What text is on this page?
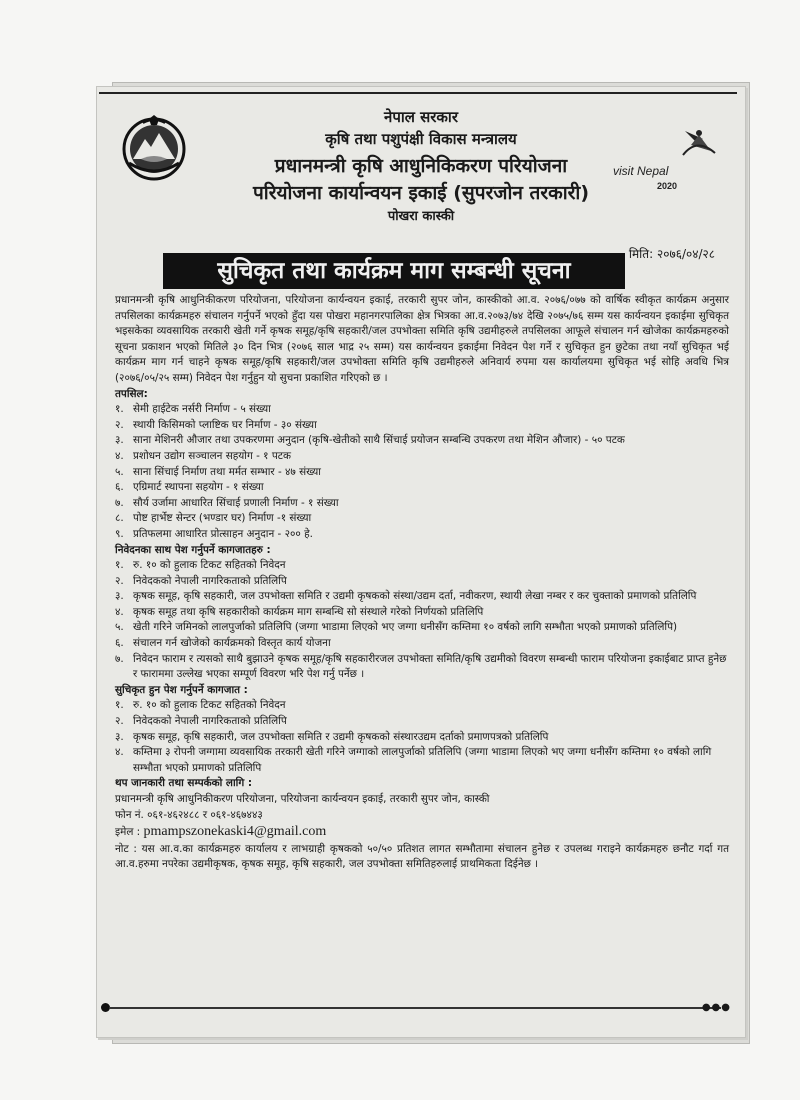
नेपाल सरकार
कृषि तथा पशुपंक्षी विकास मन्त्रालय
प्रधानमन्त्री कृषि आधुनिकिकरण परियोजना
परियोजना कार्यान्वयन इकाई (सुपरजोन तरकारी)
पोखरा कास्की
visit Nepal
2020
मिति: २०७६/०४/२८
सुचिकृत तथा कार्यक्रम माग सम्बन्धी सूचना

प्रधानमन्त्री कृषि आधुनिकीकरण परियोजना, परियोजना कार्यन्वयन इकाई, तरकारी सुपर जोन, कास्कीको आ.व. २०७६/०७७ को वार्षिक स्वीकृत कार्यक्रम अनुसार तपसिलका कार्यक्रमहरु संचालन गर्नुपर्ने भएको हुँदा यस पोखरा महानगरपालिका क्षेत्र भित्रका आ.व.२०७३/७४ देखि २०७५/७६ सम्म यस कार्यन्वयन इकाईमा सुचिकृत भइसकेका व्यवसायिक तरकारी खेती गर्ने कृषक समूह/कृषि सहकारी/जल उपभोक्ता समिति कृषि उद्यमीहरुले तपसिलका आफूले संचालन गर्न खोजेका कार्यक्रमहरुको सूचना प्रकाशन भएको मितिले ३० दिन भित्र (२०७६ साल भाद्र २५ सम्म) यस कार्यन्वयन इकाईमा निवेदन पेश गर्ने र सुचिकृत हुन छुटेका तथा नयाँ सुचिकृत भई कार्यक्रम माग गर्न चाहने कृषक समूह/कृषि सहकारी/जल उपभोक्ता समिति कृषि उद्यमीहरुले अनिवार्य रुपमा यस कार्यालयमा सुचिकृत भई सोहि अवधि भित्र (२०७६/०५/२५ सम्म) निवेदन पेश गर्नुहुन यो सुचना प्रकाशित गरिएको छ ।

तपसिल:

१. सेमी हाईटेक नर्सरी निर्माण - ५ संख्या
२. स्थायी किसिमको प्लाष्टिक घर निर्माण - ३० संख्या
३. साना मेशिनरी औजार तथा उपकरणमा अनुदान (कृषि-खेतीको साथै सिंचाई प्रयोजन सम्बन्धि उपकरण तथा मेशिन औजार) - ५० पटक
४. प्रशोधन उद्योग सञ्चालन सहयोग - १ पटक
५. साना सिंचाई निर्माण तथा मर्मत सम्भार - ४७ संख्या
६. एग्रिमार्ट स्थापना सहयोग - १ संख्या
७. सौर्य उर्जामा आधारित सिंचाई प्रणाली निर्माण - १ संख्या
८. पोष्ट हार्भेष्ट सेन्टर (भण्डार घर) निर्माण -१ संख्या
९. प्रतिफलमा आधारित प्रोत्साहन अनुदान - २०० हे.

निवेदनका साथ पेश गर्नुपर्ने कागजातहरु :

१. रु. १० को हुलाक टिकट सहितको निवेदन
२. निवेदकको नेपाली नागरिकताको प्रतिलिपि
३. कृषक समूह, कृषि सहकारी, जल उपभोक्ता समिति र उद्यमी कृषकको संस्था/उद्यम दर्ता, नवीकरण, स्थायी लेखा नम्बर र कर चुक्ताको प्रमाणको प्रतिलिपि
४. कृषक समूह तथा कृषि सहकारीको कार्यक्रम माग सम्बन्धि सो संस्थाले गरेको निर्णयको प्रतिलिपि
५. खेती गरिने जमिनको लालपुर्जाको प्रतिलिपि (जग्गा भाडामा लिएको भए जग्गा धनीसँग कम्तिमा १० वर्षको लागि सम्भौता भएको प्रमाणको प्रतिलिपि)
६. संचालन गर्न खोजेको कार्यक्रमको विस्तृत कार्य योजना
७. निवेदन फाराम र त्यसको साथै बुझाउने कृषक समूह/कृषि सहकारीरजल उपभोक्ता समिति/कृषि उद्यमीको विवरण सम्बन्धी फाराम परियोजना इकाईबाट प्राप्त हुनेछ र फाराममा उल्लेख भएका सम्पूर्ण विवरण भरि पेश गर्नु पर्नेछ ।

सुचिकृत हुन पेश गर्नुपर्ने कागजात :

१. रु. १० को हुलाक टिकट सहितको निवेदन
२. निवेदकको नेपाली नागरिकताको प्रतिलिपि
३. कृषक समूह, कृषि सहकारी, जल उपभोक्ता समिति र उद्यमी कृषकको संस्थारउद्यम दर्ताको प्रमाणपत्रको प्रतिलिपि
४. कम्तिमा ३ रोपनी जग्गामा व्यवसायिक तरकारी खेती गरिने जग्गाको लालपुर्जाको प्रतिलिपि (जग्गा भाडामा लिएको भए जग्गा धनीसँग कम्तिमा १० वर्षको लागि सम्भौता भएको प्रमाणको प्रतिलिपि

थप जानकारी तथा सम्पर्कको लागि :

प्रधानमन्त्री कृषि आधुनिकीकरण परियोजना, परियोजना कार्यन्वयन इकाई, तरकारी सुपर जोन, कास्की

फोन नं. ०६१-४६२४८८ र ०६१-४६७४४३

इमेल : pmampszonekaski4@gmail.com

नोट : यस आ.व.का कार्यक्रमहरु कार्यालय र लाभग्राही कृषकको ५०/५० प्रतिशत लागत सम्भौतामा संचालन हुनेछ र उपलब्ध गराइने कार्यक्रमहरु छनौट गर्दा गत आ.व.हरुमा नपरेका उद्यमीकृषक, कृषक समूह, कृषि सहकारी, जल उपभोक्ता समितिहरुलाई प्राथमिकता दिईनेछ ।

●●●
